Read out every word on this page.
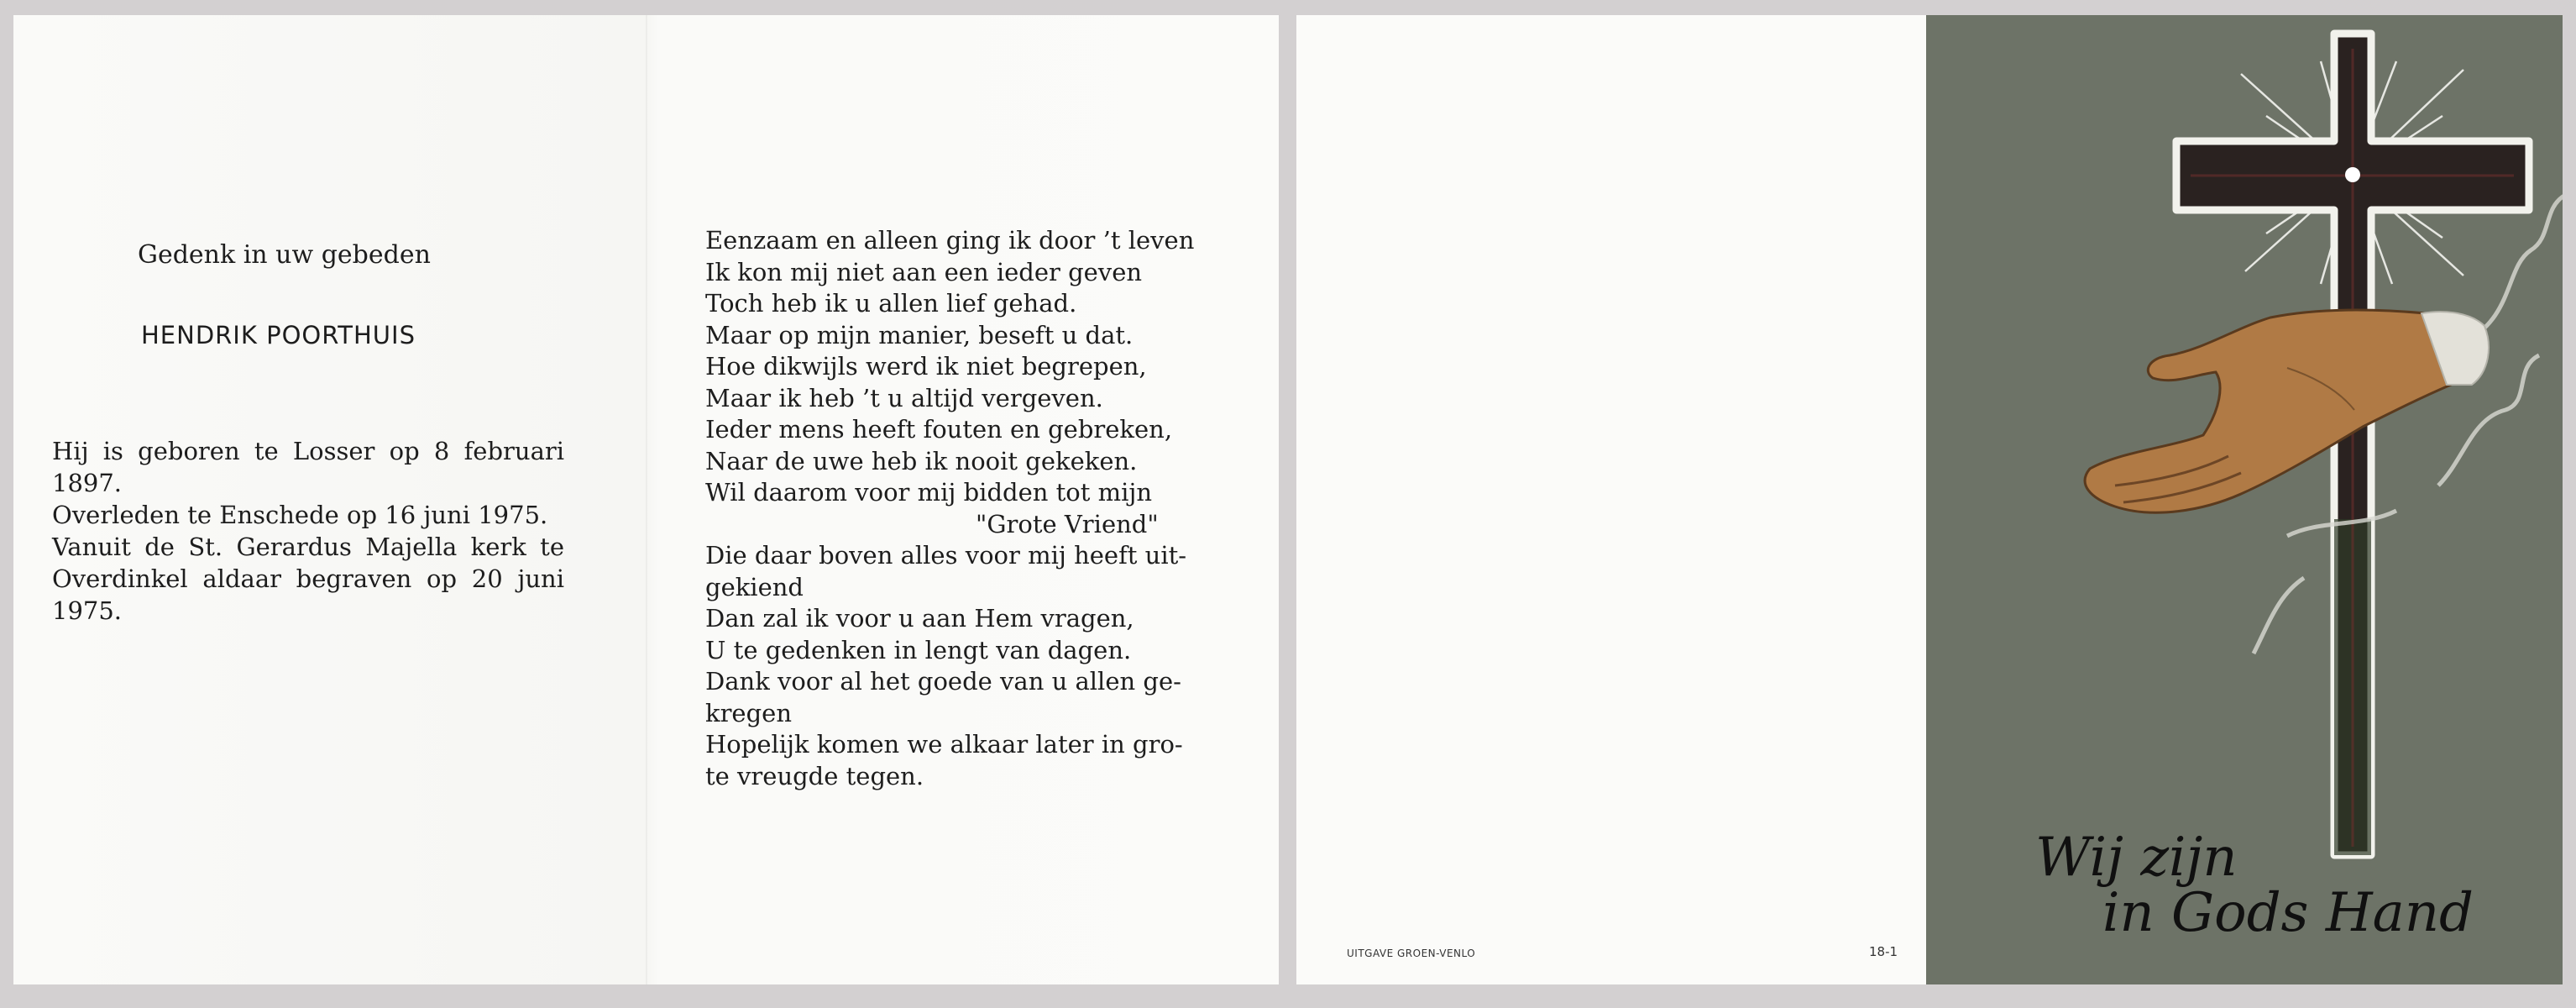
Gedenk in uw gebeden
HENDRIK POORTHUIS

Hij is geboren te Losser op 8 februari 1897.

Overleden te Enschede op 16 juni 1975.

Vanuit de St. Gerardus Majella kerk te Overdinkel aldaar begraven op 20 juni 1975.

Eenzaam en alleen ging ik door ’t leven
Ik kon mij niet aan een ieder geven
Toch heb ik u allen lief gehad.
Maar op mijn manier, beseft u dat.
Hoe dikwijls werd ik niet begrepen,
Maar ik heb ’t u altijd vergeven.
Ieder mens heeft fouten en gebreken,
Naar de uwe heb ik nooit gekeken.
Wil daarom voor mij bidden tot mijn
"Grote Vriend"
Die daar boven alles voor mij heeft uit-
gekiend
Dan zal ik voor u aan Hem vragen,
U te gedenken in lengt van dagen.
Dank voor al het goede van u allen ge-
kregen
Hopelijk komen we alkaar later in gro-
te vreugde tegen.
UITGAVE GROEN-VENLO	18-1
Wij zijn
in Gods Hand
